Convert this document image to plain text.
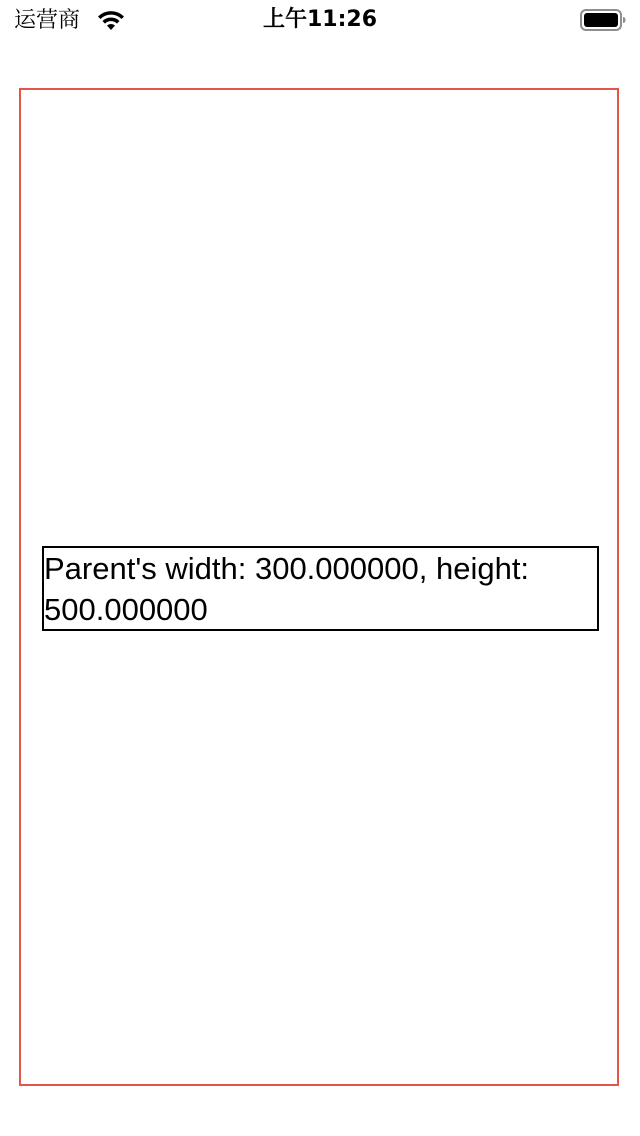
运营商	上午11:26

Parent's width: 300.000000, height: 500.000000
